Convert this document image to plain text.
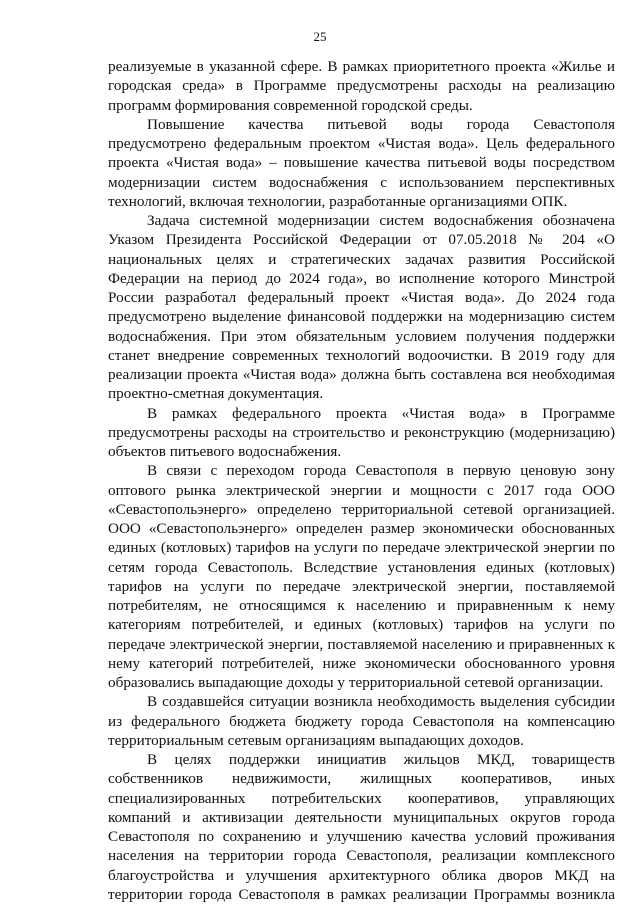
25

реализуемые в указанной сфере. В рамках приоритетного проекта «Жилье и городская среда» в Программе предусмотрены расходы на реализацию программ формирования современной городской среды.

Повышение качества питьевой воды города Севастополя предусмотрено федеральным проектом «Чистая вода». Цель федерального проекта «Чистая вода» – повышение качества питьевой воды посредством модернизации систем водоснабжения с использованием перспективных технологий, включая технологии, разработанные организациями ОПК.

Задача системной модернизации систем водоснабжения обозначена Указом Президента Российской Федерации от 07.05.2018 № 204 «О национальных целях и стратегических задачах развития Российской Федерации на период до 2024 года», во исполнение которого Минстрой России разработал федеральный проект «Чистая вода». До 2024 года предусмотрено выделение финансовой поддержки на модернизацию систем водоснабжения. При этом обязательным условием получения поддержки станет внедрение современных технологий водоочистки. В 2019 году для реализации проекта «Чистая вода» должна быть составлена вся необходимая проектно-сметная документация.

В рамках федерального проекта «Чистая вода» в Программе предусмотрены расходы на строительство и реконструкцию (модернизацию) объектов питьевого водоснабжения.

В связи с переходом города Севастополя в первую ценовую зону оптового рынка электрической энергии и мощности с 2017 года ООО «Севастопольэнерго» определено территориальной сетевой организацией. ООО «Севастопольэнерго» определен размер экономически обоснованных единых (котловых) тарифов на услуги по передаче электрической энергии по сетям города Севастополь. Вследствие установления единых (котловых) тарифов на услуги по передаче электрической энергии, поставляемой потребителям, не относящимся к населению и приравненным к нему категориям потребителей, и единых (котловых) тарифов на услуги по передаче электрической энергии, поставляемой населению и приравненных к нему категорий потребителей, ниже экономически обоснованного уровня образовались выпадающие доходы у территориальной сетевой организации.

В создавшейся ситуации возникла необходимость выделения субсидии из федерального бюджета бюджету города Севастополя на компенсацию территориальным сетевым организациям выпадающих доходов.

В целях поддержки инициатив жильцов МКД, товариществ собственников недвижимости, жилищных кооперативов, иных специализированных потребительских кооперативов, управляющих компаний и активизации деятельности муниципальных округов города Севастополя по сохранению и улучшению качества условий проживания населения на территории города Севастополя, реализации комплексного благоустройства и улучшения архитектурного облика дворов МКД на территории города Севастополя в рамках реализации Программы возникла
